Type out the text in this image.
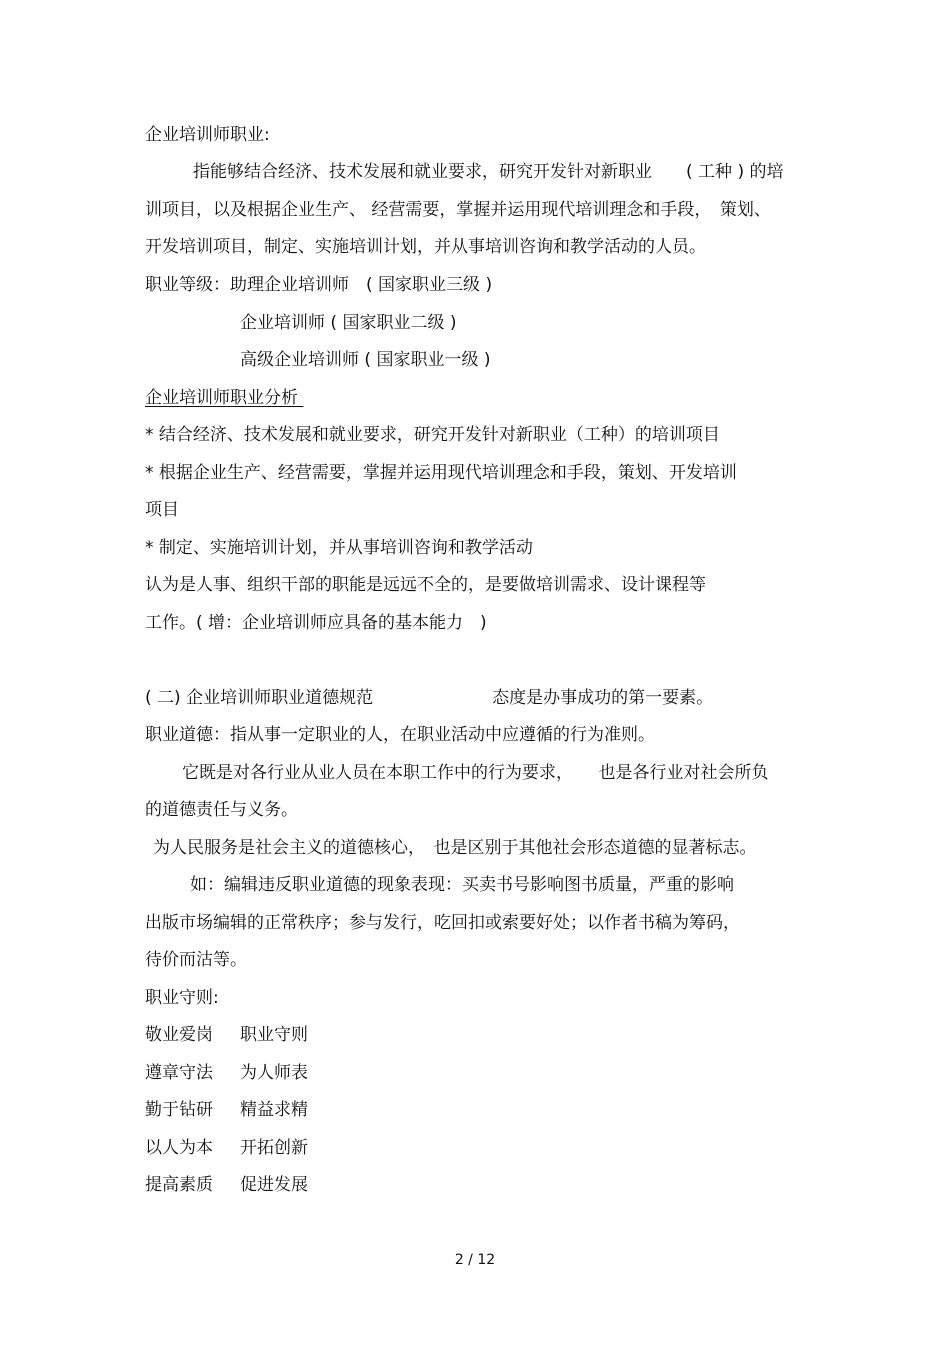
企业培训师职业:
指能够结合经济、技术发展和就业要求，研究开发针对新职业　　( 工种 ) 的培
训项目，以及根据企业生产、 经营需要，掌握并运用现代培训理念和手段，　策划、
开发培训项目，制定、实施培训计划，并从事培训咨询和教学活动的人员。
职业等级：助理企业培训师　( 国家职业三级 )
企业培训师 ( 国家职业二级 )
高级企业培训师 ( 国家职业一级 )
企业培训师职业分析
* 结合经济、技术发展和就业要求，研究开发针对新职业（工种）的培训项目
* 根据企业生产、经营需要，掌握并运用现代培训理念和手段，策划、开发培训
项目
* 制定、实施培训计划，并从事培训咨询和教学活动
认为是人事、组织干部的职能是远远不全的，是要做培训需求、设计课程等
工作。( 增：企业培训师应具备的基本能力　)
( 二) 企业培训师职业道德规范　　　　　　　态度是办事成功的第一要素。
职业道德：指从事一定职业的人，在职业活动中应遵循的行为准则。
它既是对各行业从业人员在本职工作中的行为要求，　　也是各行业对社会所负
的道德责任与义务。
为人民服务是社会主义的道德核心，　也是区别于其他社会形态道德的显著标志。
如：编辑违反职业道德的现象表现：买卖书号影响图书质量，严重的影响
出版市场编辑的正常秩序；参与发行，吃回扣或索要好处；以作者书稿为筹码，
待价而沽等。
职业守则:
敬业爱岗 职业守则
遵章守法 为人师表
勤于钻研 精益求精
以人为本 开拓创新
提高素质 促进发展
2 / 12
